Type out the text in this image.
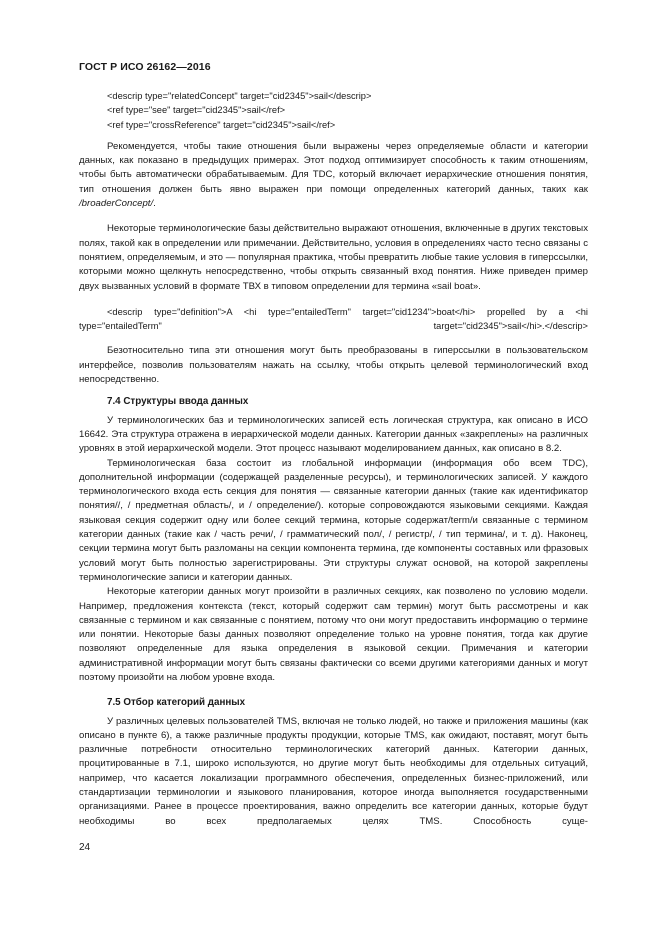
ГОСТ Р ИСО 26162—2016

<descrip type="relatedConcept" target="cid2345">sail</descrip>

<ref type="see" target="cid2345">sail</ref>

<ref type="crossReference" target="cid2345">sail</ref>

Рекомендуется, чтобы такие отношения были выражены через определяемые области и категории данных, как показано в предыдущих примерах. Этот подход оптимизирует способность к таким отношениям, чтобы быть автоматически обрабатываемым. Для TDC, который включает иерархические отношения понятия, тип отношения должен быть явно выражен при помощи определенных категорий данных, таких как /broaderConcept/.

Некоторые терминологические базы действительно выражают отношения, включенные в других текстовых полях, такой как в определении или примечании. Действительно, условия в определениях часто тесно связаны с понятием, определяемым, и это — популярная практика, чтобы превратить любые такие условия в гиперссылки, которыми можно щелкнуть непосредственно, чтобы открыть связанный вход понятия. Ниже приведен пример двух вызванных условий в формате ТВХ в типовом определении для термина «sail boat».

<descrip type="definition">A <hi type="entailedTerm" target="cid1234">boat</hi> propelled by a <hi type="entailedTerm" target="cid2345">sail</hi>.</descrip>

Безотносительно типа эти отношения могут быть преобразованы в гиперссылки в пользовательском интерфейсе, позволив пользователям нажать на ссылку, чтобы открыть целевой терминологический вход непосредственно.

7.4 Структуры ввода данных

У терминологических баз и терминологических записей есть логическая структура, как описано в ИСО 16642. Эта структура отражена в иерархической модели данных. Категории данных «закреплены» на различных уровнях в этой иерархической модели. Этот процесс называют моделированием данных, как описано в 8.2.

Терминологическая база состоит из глобальной информации (информация обо всем TDC), дополнительной информации (содержащей разделенные ресурсы), и терминологических записей. У каждого терминологического входа есть секция для понятия — связанные категории данных (такие как идентификатор понятия//, / предметная область/, и / определение/). которые сопровождаются языковыми секциями. Каждая языковая секция содержит одну или более секций термина, которые содержат/term/и связанные с термином категории данных (такие как / часть речи/, / грамматический пол/, / регистр/, / тип термина/, и т. д). Наконец, секции термина могут быть разломаны на секции компонента термина, где компоненты составных или фразовых условий могут быть полностью зарегистрированы. Эти структуры служат основой, на которой закреплены терминологические записи и категории данных.

Некоторые категории данных могут произойти в различных секциях, как позволено по условию модели. Например, предложения контекста (текст, который содержит сам термин) могут быть рассмотрены и как связанные с термином и как связанные с понятием, потому что они могут предоставить информацию о термине или понятии. Некоторые базы данных позволяют определение только на уровне понятия, тогда как другие позволяют определенные для языка определения в языковой секции. Примечания и категории административной информации могут быть связаны фактически со всеми другими категориями данных и могут поэтому произойти на любом уровне входа.

7.5 Отбор категорий данных

У различных целевых пользователей TMS, включая не только людей, но также и приложения машины (как описано в пункте 6), а также различные продукты продукции, которые TMS, как ожидают, поставят, могут быть различные потребности относительно терминологических категорий данных. Категории данных, процитированные в 7.1, широко используются, но другие могут быть необходимы для отдельных ситуаций, например, что касается локализации программного обеспечения, определенных бизнес-приложений, или стандартизации терминологии и языкового планирования, которое иногда выполняется государственными организациями. Ранее в процессе проектирования, важно определить все категории данных, которые будут необходимы во всех предполагаемых целях TMS. Способность суще-

24
